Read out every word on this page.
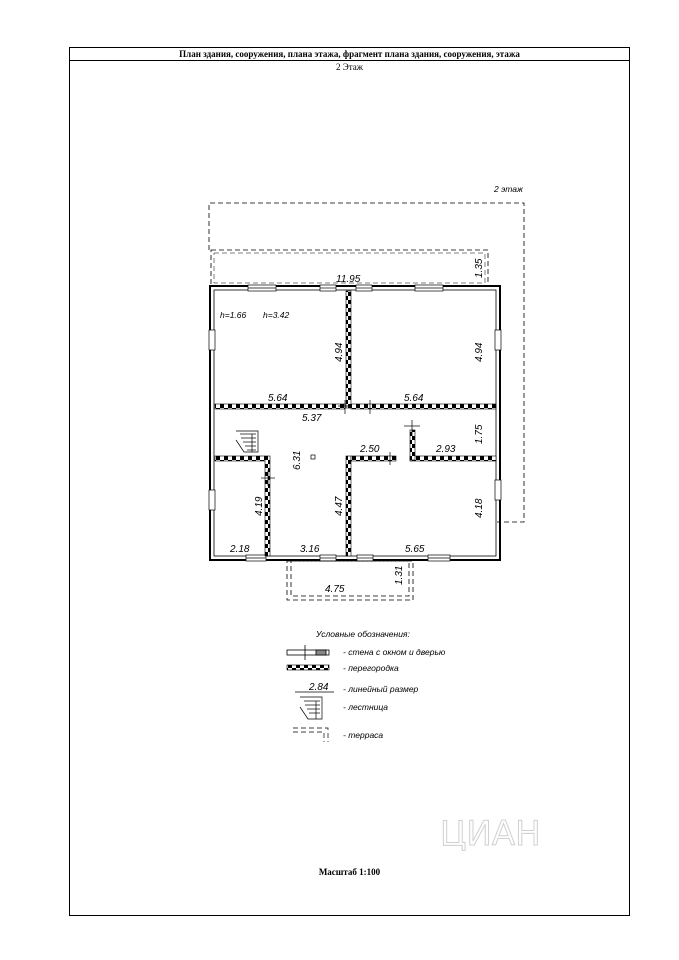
План здания, сооружения, плана этажа, фрагмент плана здания, сооружения, этажа
2 Этаж
Масштаб 1:100
2 этаж
11.95
1.35
h=1.66 h=3.42
4.94	4.94
5.64	5.64
5.37
6.31
2.50	2.93
1.75
4.19	4.47	4.18
2.18	3.16	5.65
4.75
1.31
Условные обозначения:
- стена с окном и дверью
- перегородка
2.84 - линейный размер
- лестница
- терраса
ЦИАН
